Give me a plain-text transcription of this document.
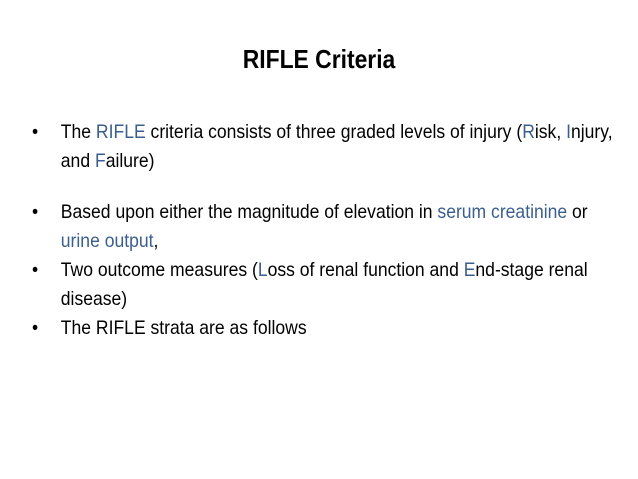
RIFLE Criteria
• The RIFLE criteria consists of three graded levels of injury (Risk, Injury, and Failure)
• Based upon either the magnitude of elevation in serum creatinine or urine output,
• Two outcome measures (Loss of renal function and End-stage renal disease)
• The RIFLE strata are as follows
